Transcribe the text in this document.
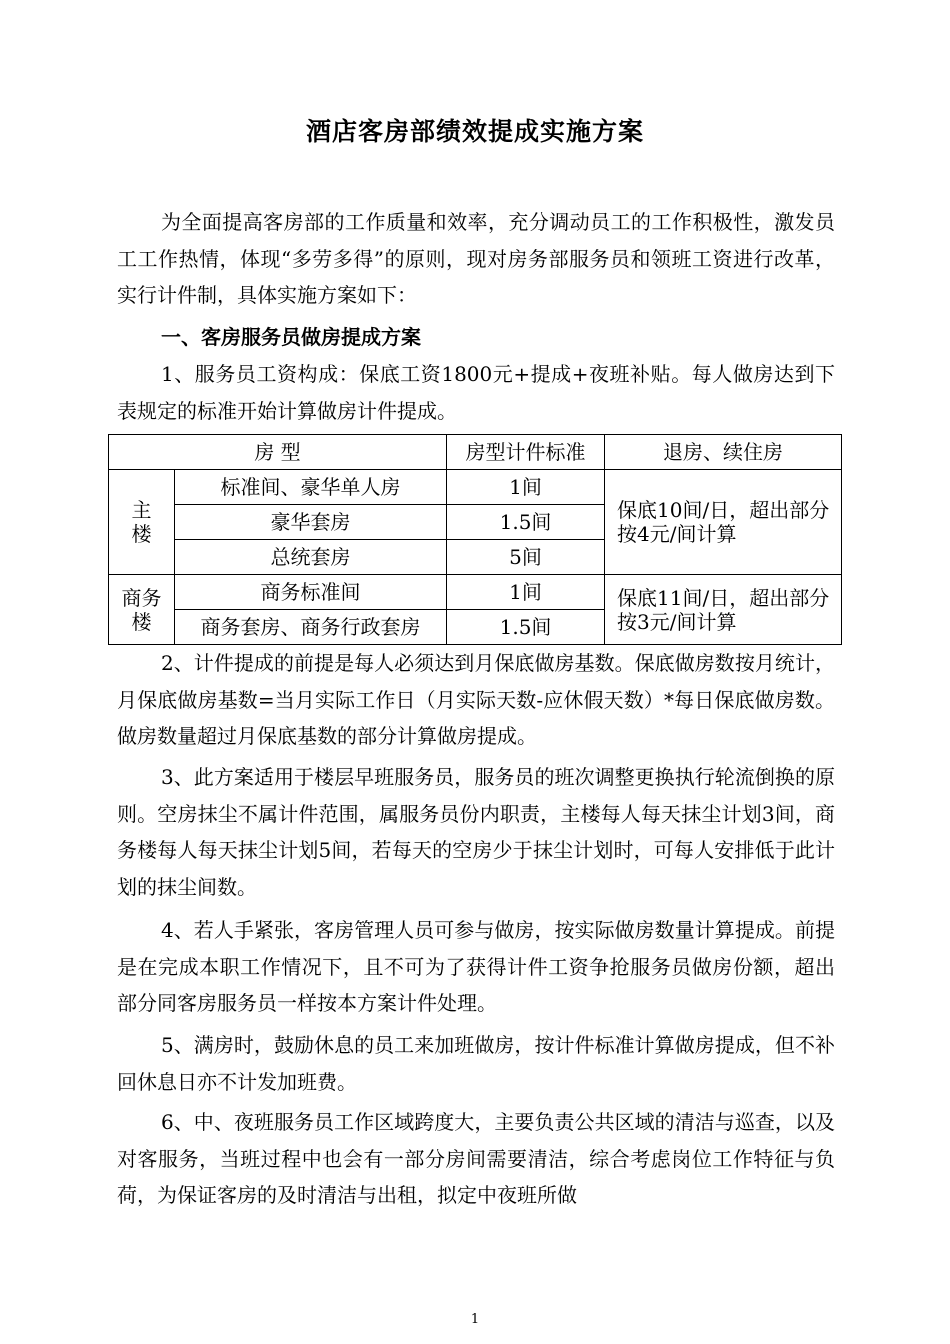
酒店客房部绩效提成实施方案

为全面提高客房部的工作质量和效率，充分调动员工的工作积极性，激发员工工作热情，体现“多劳多得”的原则，现对房务部服务员和领班工资进行改革，实行计件制，具体实施方案如下：

一、客房服务员做房提成方案

1、服务员工资构成：保底工资1800元+提成+夜班补贴。每人做房达到下表规定的标准开始计算做房计件提成。

房 型		房型计件标准	退房、续住房
主
楼	标准间、豪华单人房	1间	保底10间/日，超出部分按4元/间计算
	豪华套房	1.5间	
	总统套房	5间	
商务
楼	商务标准间	1间	保底11间/日，超出部分按3元/间计算
	商务套房、商务行政套房	1.5间	

2、计件提成的前提是每人必须达到月保底做房基数。保底做房数按月统计，月保底做房基数=当月实际工作日（月实际天数-应休假天数）*每日保底做房数。做房数量超过月保底基数的部分计算做房提成。

3、此方案适用于楼层早班服务员，服务员的班次调整更换执行轮流倒换的原则。空房抹尘不属计件范围，属服务员份内职责，主楼每人每天抹尘计划3间，商务楼每人每天抹尘计划5间，若每天的空房少于抹尘计划时，可每人安排低于此计划的抹尘间数。

4、若人手紧张，客房管理人员可参与做房，按实际做房数量计算提成。前提是在完成本职工作情况下，且不可为了获得计件工资争抢服务员做房份额，超出部分同客房服务员一样按本方案计件处理。

5、满房时，鼓励休息的员工来加班做房，按计件标准计算做房提成，但不补回休息日亦不计发加班费。

6、中、夜班服务员工作区域跨度大，主要负责公共区域的清洁与巡查，以及对客服务，当班过程中也会有一部分房间需要清洁，综合考虑岗位工作特征与负荷，为保证客房的及时清洁与出租，拟定中夜班所做

1
